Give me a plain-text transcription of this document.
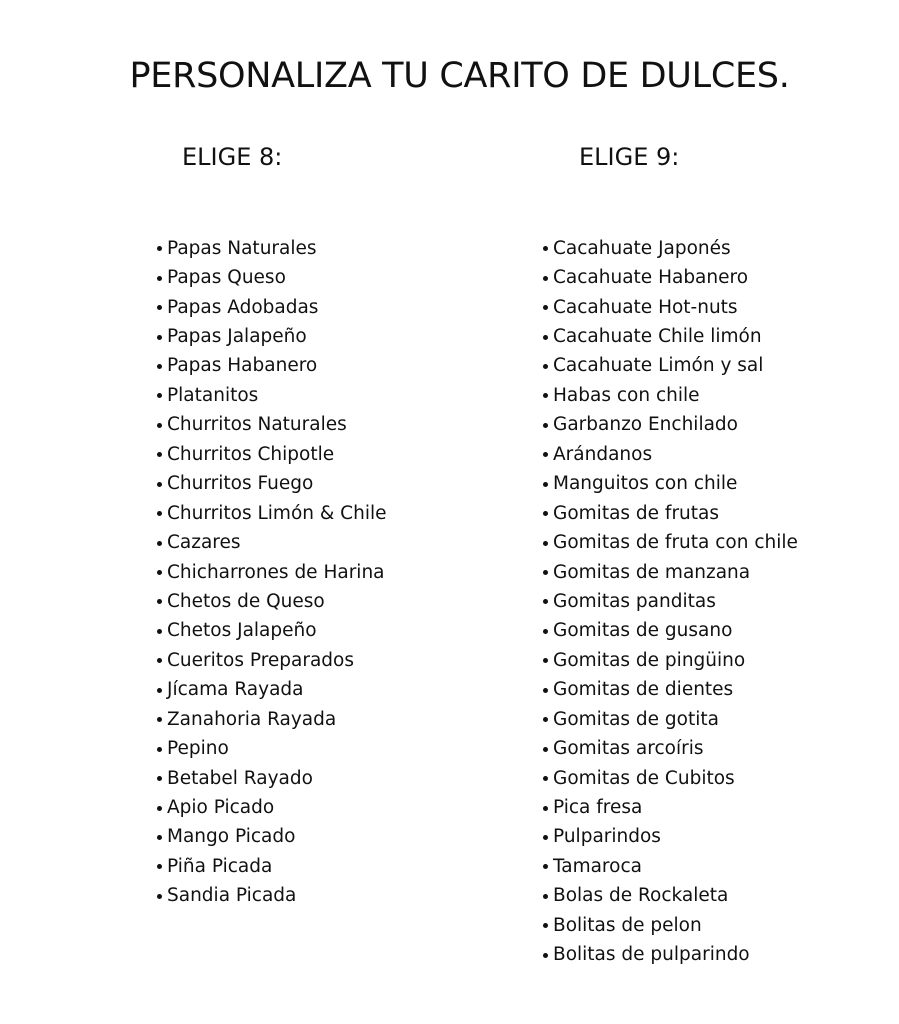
PERSONALIZA TU CARITO DE DULCES.
ELIGE 8:	ELIGE 9:
Papas Naturales
Papas Queso
Papas Adobadas
Papas Jalapeño
Papas Habanero
Platanitos
Churritos Naturales
Churritos Chipotle
Churritos Fuego
Churritos Limón & Chile
Cazares
Chicharrones de Harina
Chetos de Queso
Chetos Jalapeño
Cueritos Preparados
Jícama Rayada
Zanahoria Rayada
Pepino
Betabel Rayado
Apio Picado
Mango Picado
Piña Picada
Sandia Picada
Cacahuate Japonés
Cacahuate Habanero
Cacahuate Hot-nuts
Cacahuate Chile limón
Cacahuate Limón y sal
Habas con chile
Garbanzo Enchilado
Arándanos
Manguitos con chile
Gomitas de frutas
Gomitas de fruta con chile
Gomitas de manzana
Gomitas panditas
Gomitas de gusano
Gomitas de pingüino
Gomitas de dientes
Gomitas de gotita
Gomitas arcoíris
Gomitas de Cubitos
Pica fresa
Pulparindos
Tamaroca
Bolas de Rockaleta
Bolitas de pelon
Bolitas de pulparindo
